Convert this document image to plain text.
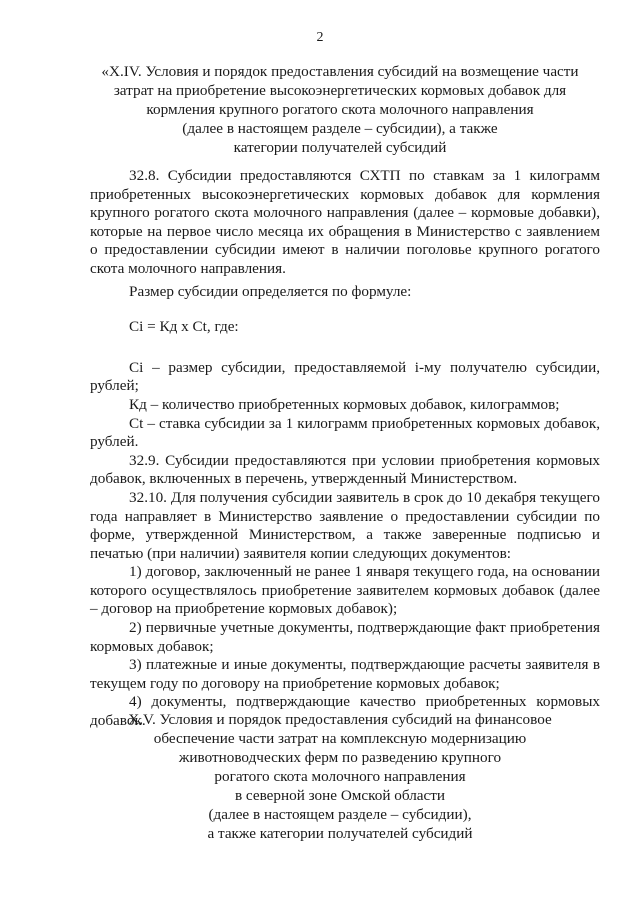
2
«X.IV. Условия и порядок предоставления субсидий на возмещение части
затрат на приобретение высокоэнергетических кормовых добавок для
кормления крупного рогатого скота молочного направления
(далее в настоящем разделе – субсидии), а также
категории получателей субсидий

32.8. Субсидии предоставляются СХТП по ставкам за 1 килограмм приобретенных высокоэнергетических кормовых добавок для кормления крупного рогатого скота молочного направления (далее – кормовые добавки), которые на первое число месяца их обращения в Министерство с заявлением о предоставлении субсидии имеют в наличии поголовье крупного рогатого скота молочного направления.

Размер субсидии определяется по формуле:

Ci = Кд x Ct, где:

Ci – размер субсидии, предоставляемой i-му получателю субсидии, рублей;

Кд – количество приобретенных кормовых добавок, килограммов;

Ct – ставка субсидии за 1 килограмм приобретенных кормовых добавок, рублей.

32.9. Субсидии предоставляются при условии приобретения кормовых добавок, включенных в перечень, утвержденный Министерством.

32.10. Для получения субсидии заявитель в срок до 10 декабря текущего года направляет в Министерство заявление о предоставлении субсидии по форме, утвержденной Министерством, а также заверенные подписью и печатью (при наличии) заявителя копии следующих документов:

1) договор, заключенный не ранее 1 января текущего года, на основании которого осуществлялось приобретение заявителем кормовых добавок (далее – договор на приобретение кормовых добавок);

2) первичные учетные документы, подтверждающие факт приобретения кормовых добавок;

3) платежные и иные документы, подтверждающие расчеты заявителя в текущем году по договору на приобретение кормовых добавок;

4) документы, подтверждающие качество приобретенных кормовых добавок.

X.V. Условия и порядок предоставления субсидий на финансовое
обеспечение части затрат на комплексную модернизацию
животноводческих ферм по разведению крупного
рогатого скота молочного направления
в северной зоне Омской области
(далее в настоящем разделе – субсидии),
а также категории получателей субсидий
